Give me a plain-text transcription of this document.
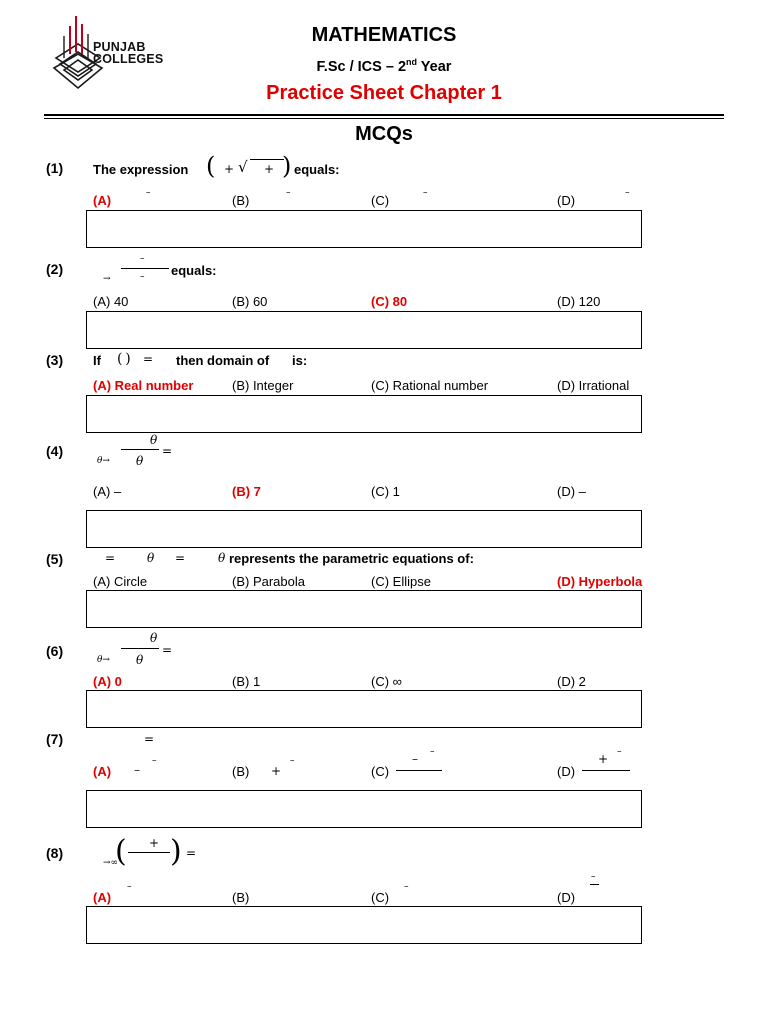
PUNJAB
COLLEGES
MATHEMATICS
F.Sc / ICS – 2nd Year
Practice Sheet Chapter 1
MCQs
(1) The expression ( + √ + ) equals:
(A)	–	(B)	–	(C)	–	(D)	–
(2)
→
–
– equals:
(A) 40	(B) 60	(C) 80	(D) 120
(3) If (  ) = then domain of is:
(A) Real number	(B) Integer	(C) Rational number	(D) Irrational
(4)
θ→
θ
θ
=
(A) –	(B) 7	(C) 1	(D) –
(5)	=	θ =	θ represents the parametric equations of:
(A) Circle	(B) Parabola	(C) Ellipse	(D) Hyperbola
(6)
θ→
θ
θ
=
(A) 0	(B) 1	(C) ∞	(D) 2
(7)	=
(A) –
–
(B) +
–
(C)
– –
(D)
+ –
(8)
→∞
( + ) =
(A)
–
(B)	(C)
–
(D)
–
